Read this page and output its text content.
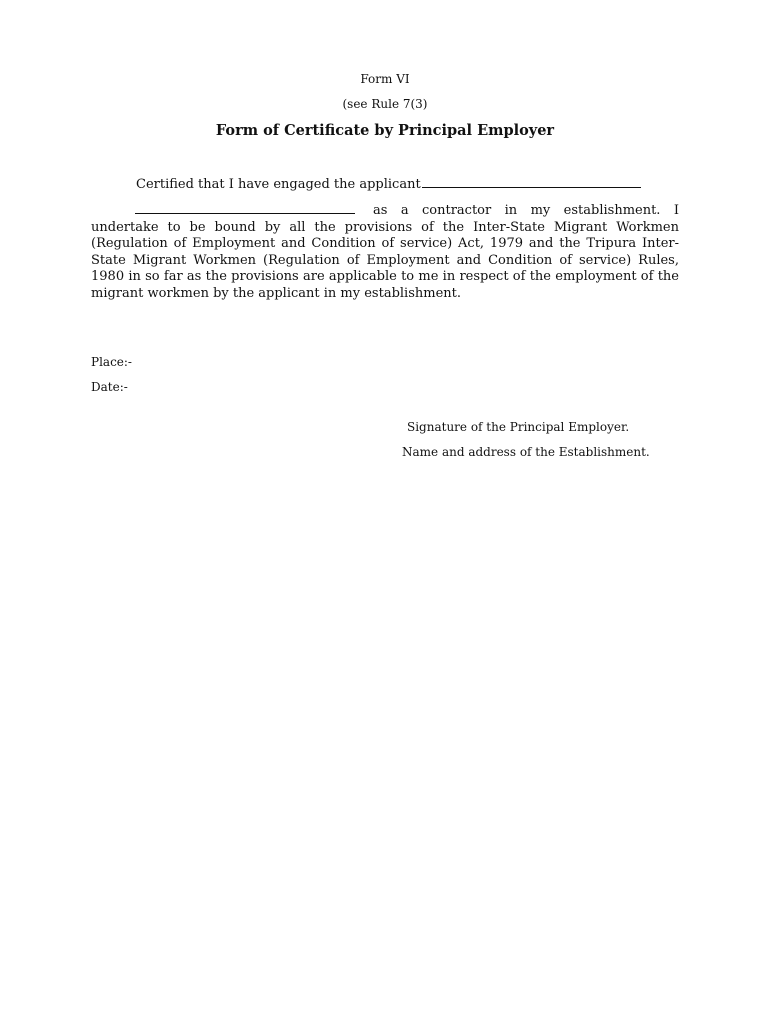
Form VI
(see Rule 7(3)
Form of Certificate by Principal Employer
Certified that I have engaged the applicant
as a contractor in my establishment. I undertake to be bound by all the provisions of the Inter-State Migrant Workmen (Regulation of Employment and Condition of service) Act, 1979 and the Tripura Inter-State Migrant Workmen (Regulation of Employment and Condition of service) Rules, 1980 in so far as the provisions are applicable to me in respect of the employment of the migrant workmen by the applicant in my establishment.
Place:-
Date:-
Signature of the Principal Employer.
Name and address of the Establishment.
